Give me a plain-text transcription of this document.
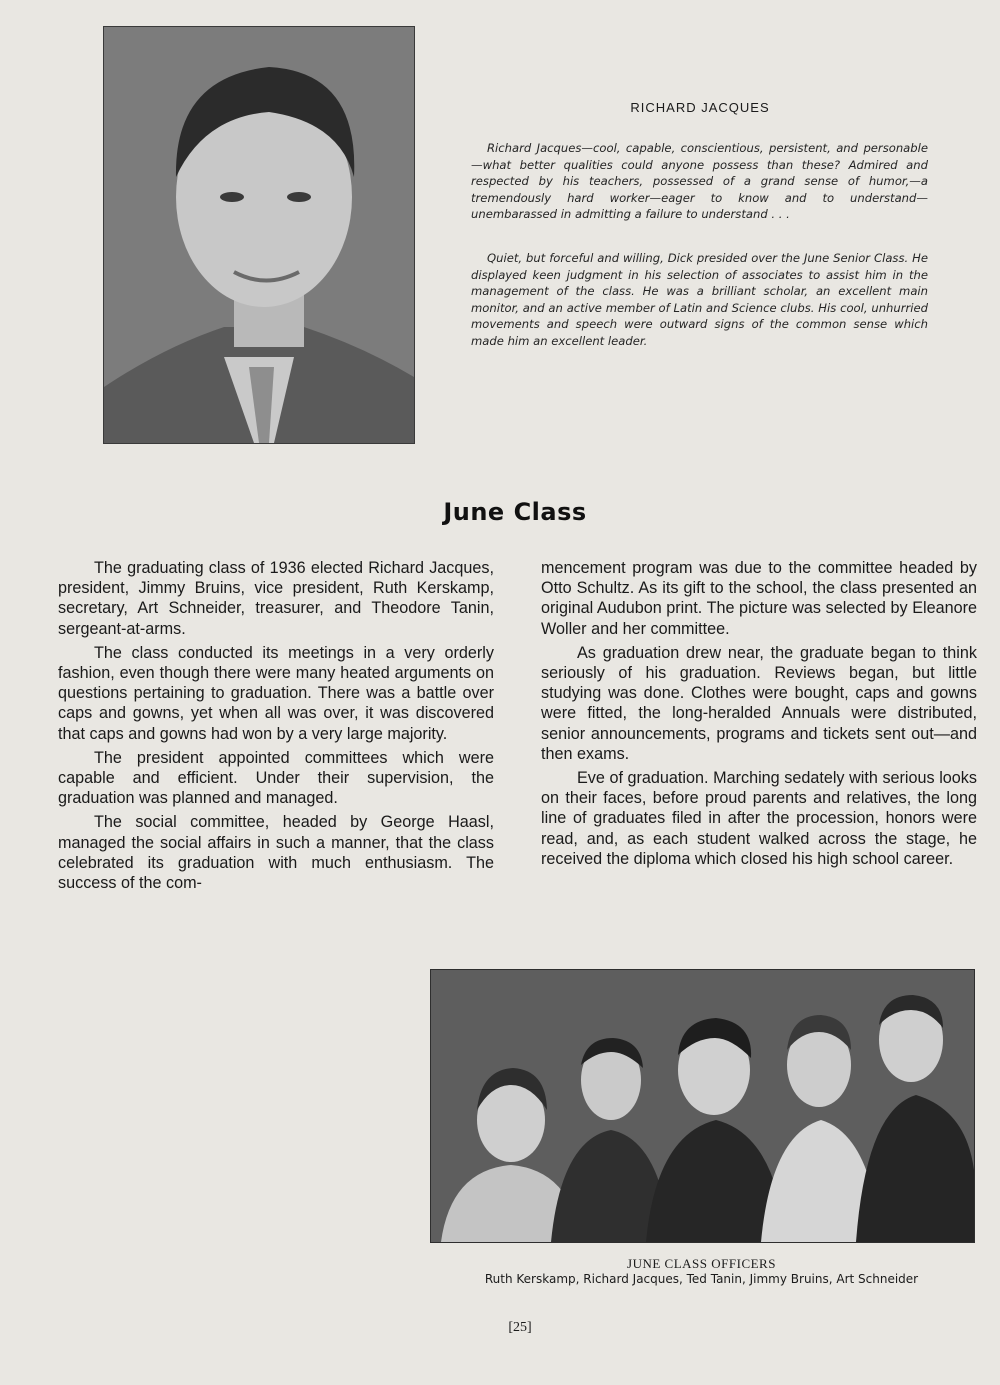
RICHARD JACQUES

Richard Jacques—cool, capable, conscientious, persistent, and personable—what better qualities could anyone possess than these? Admired and respected by his teachers, possessed of a grand sense of humor,—a tremendously hard worker—eager to know and to understand—unembarassed in admitting a failure to understand . . .

Quiet, but forceful and willing, Dick presided over the June Senior Class. He displayed keen judgment in his selection of associates to assist him in the management of the class. He was a brilliant scholar, an excellent main monitor, and an active member of Latin and Science clubs. His cool, unhurried movements and speech were outward signs of the common sense which made him an excellent leader.

June Class

The graduating class of 1936 elected Richard Jacques, president, Jimmy Bruins, vice president, Ruth Kerskamp, secretary, Art Schneider, treasurer, and Theodore Tanin, sergeant-at-arms.

The class conducted its meetings in a very orderly fashion, even though there were many heated arguments on questions pertaining to graduation. There was a battle over caps and gowns, yet when all was over, it was discovered that caps and gowns had won by a very large majority.

The president appointed committees which were capable and efficient. Under their supervision, the graduation was planned and managed.

The social committee, headed by George Haasl, managed the social affairs in such a manner, that the class celebrated its graduation with much enthusiasm. The success of the com-

mencement program was due to the committee headed by Otto Schultz. As its gift to the school, the class presented an original Audubon print. The picture was selected by Eleanore Woller and her committee.

As graduation drew near, the graduate began to think seriously of his graduation. Reviews began, but little studying was done. Clothes were bought, caps and gowns were fitted, the long-heralded Annuals were distributed, senior announcements, programs and tickets sent out—and then exams.

Eve of graduation. Marching sedately with serious looks on their faces, before proud parents and relatives, the long line of graduates filed in after the procession, honors were read, and, as each student walked across the stage, he received the diploma which closed his high school career.

JUNE CLASS OFFICERS
Ruth Kerskamp, Richard Jacques, Ted Tanin, Jimmy Bruins, Art Schneider
[25]
